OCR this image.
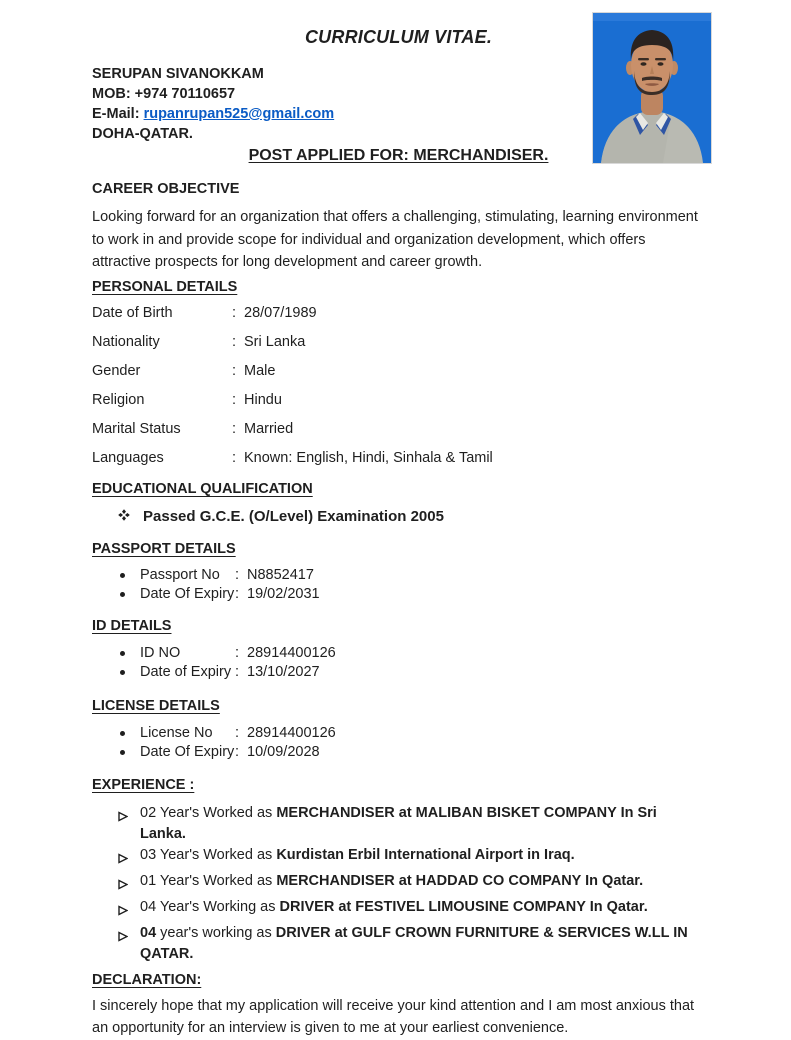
CURRICULUM VITAE.
SERUPAN SIVANOKKAM
MOB: +974 70110657
E-Mail: rupanrupan525@gmail.com
DOHA-QATAR.
POST APPLIED FOR: MERCHANDISER.
CAREER OBJECTIVE
Looking forward for an organization that offers a challenging, stimulating, learning environment to work in and provide scope for individual and organization development, which offers attractive prospects for long development and career growth.
PERSONAL DETAILS
Date of Birth	: 28/07/1989
Nationality	: Sri Lanka
Gender	: Male
Religion	: Hindu
Marital Status	: Married
Languages	: Known: English, Hindi, Sinhala & Tamil
EDUCATIONAL QUALIFICATION
Passed G.C.E. (O/Level) Examination 2005
PASSPORT DETAILS
Passport No	: N8852417
Date Of Expiry : 19/02/2031
ID DETAILS
ID NO	: 28914400126
Date of Expiry : 13/10/2027
LICENSE DETAILS
License No	: 28914400126
Date Of Expiry : 10/09/2028
EXPERIENCE :
02 Year's Worked as MERCHANDISER at MALIBAN BISKET COMPANY In Sri Lanka.
03 Year's Worked as Kurdistan Erbil International Airport in Iraq.
01 Year's Worked as MERCHANDISER at HADDAD CO COMPANY In Qatar.
04 Year's Working as DRIVER at FESTIVEL LIMOUSINE COMPANY In Qatar.
04 year's working as DRIVER at GULF CROWN FURNITURE & SERVICES W.LL IN QATAR.
DECLARATION:
I sincerely hope that my application will receive your kind attention and I am most anxious that an opportunity for an interview is given to me at your earliest convenience.
